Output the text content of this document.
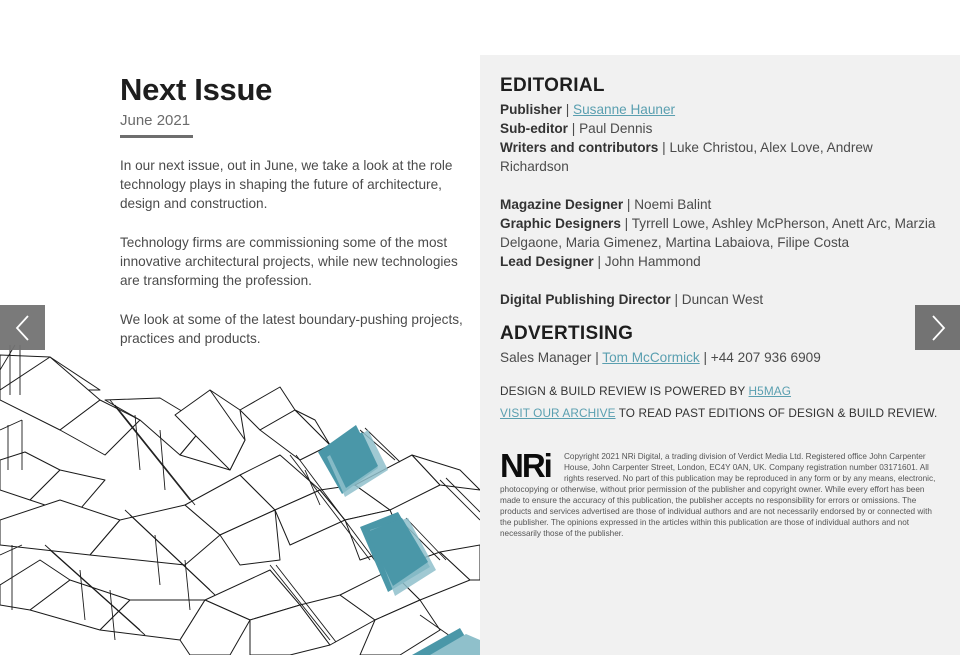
Next Issue
June 2021

In our next issue, out in June, we take a look at the role technology plays in shaping the future of architecture, design and construction.

Technology firms are commissioning some of the most innovative architectural projects, while new technologies are transforming the profession.

We look at some of the latest boundary-pushing projects, practices and products.

EDITORIAL
Publisher | Susanne Hauner
Sub-editor | Paul Dennis
Writers and contributors | Luke Christou, Alex Love, Andrew Richardson
Magazine Designer | Noemi Balint
Graphic Designers | Tyrrell Lowe, Ashley McPherson, Anett Arc, Marzia Delgaone, Maria Gimenez, Martina Labaiova, Filipe Costa
Lead Designer | John Hammond
Digital Publishing Director | Duncan West
ADVERTISING
Sales Manager | Tom McCormick | +44 207 936 6909
DESIGN & BUILD REVIEW IS POWERED BY H5MAG
VISIT OUR ARCHIVE TO READ PAST EDITIONS OF DESIGN & BUILD REVIEW.
NRi	Copyright 2021 NRi Digital, a trading division of Verdict Media Ltd. Registered office John Carpenter House, John Carpenter Street, London, EC4Y 0AN, UK. Company registration number 03171601. All rights reserved. No part of this publication may be reproduced in any form or by any means, electronic, photocopying or otherwise, without prior permission of the publisher and copyright owner. While every effort has been made to ensure the accuracy of this publication, the publisher accepts no responsibility for errors or omissions. The products and services advertised are those of individual authors and are not necessarily endorsed by or connected with the publisher. The opinions expressed in the articles within this publication are those of individual authors and not necessarily those of the publisher.
